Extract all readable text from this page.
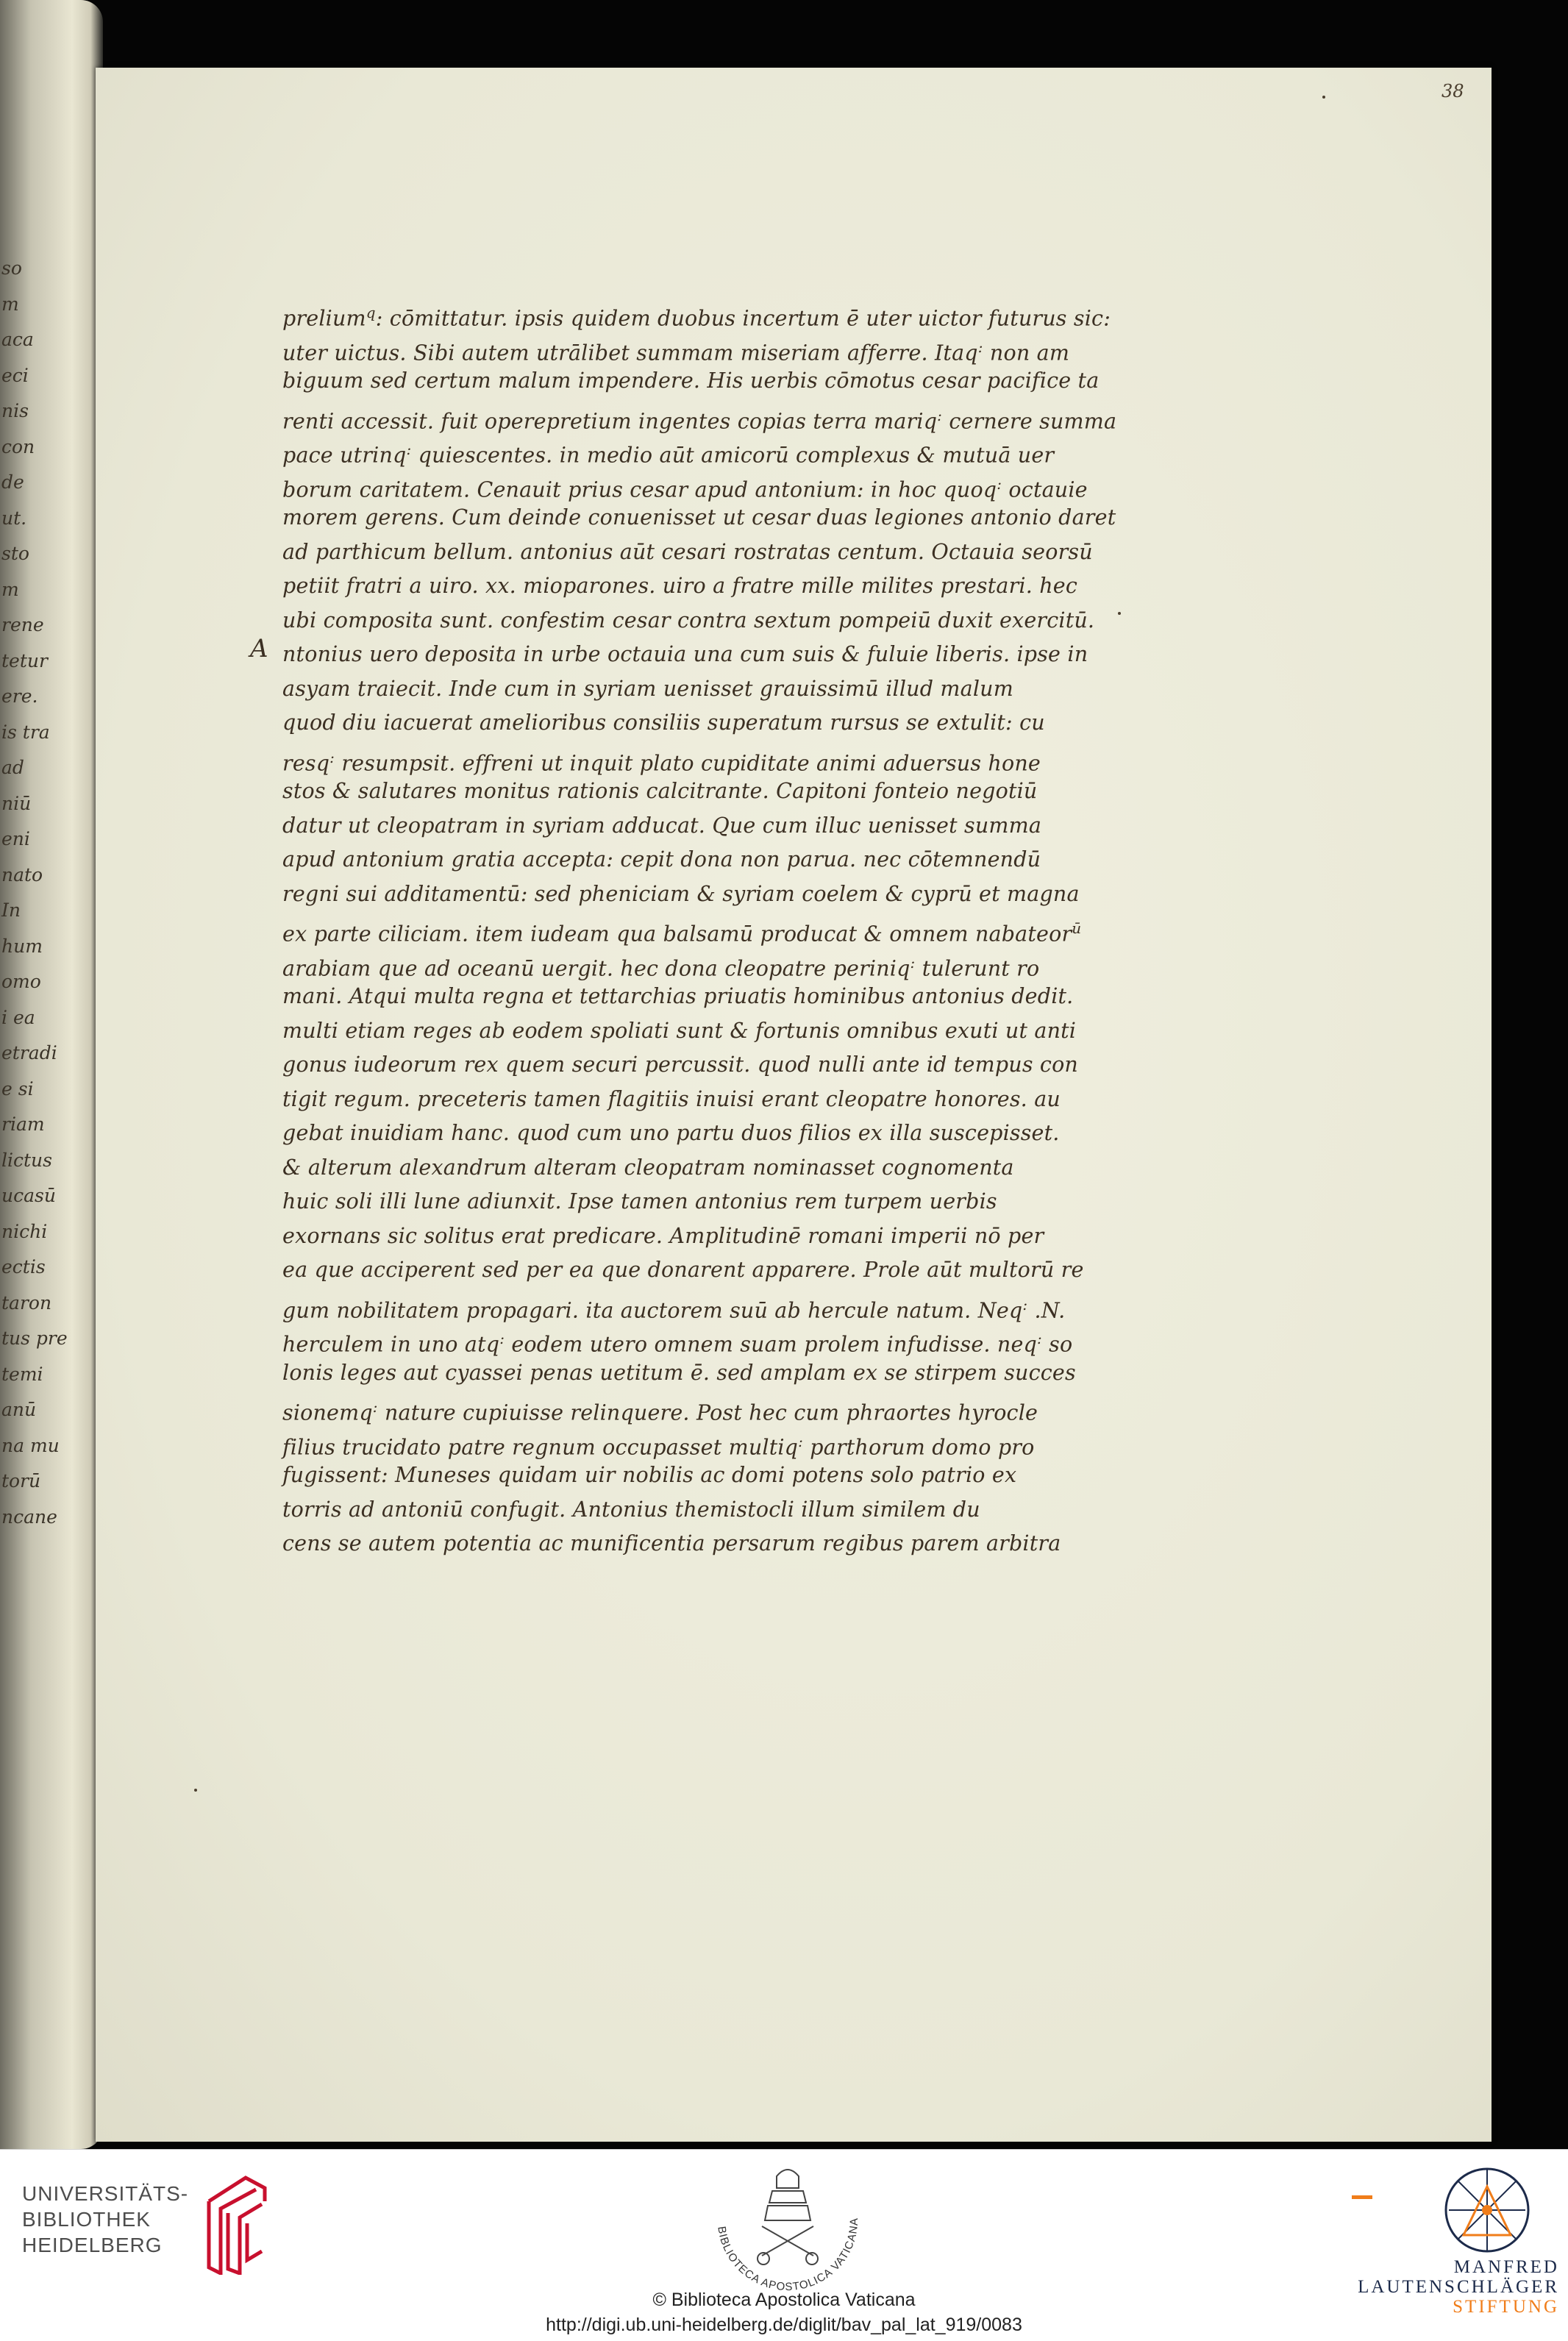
so
m
aca
eci
nis
con
de
ut.
sto
m
rene
tetur
ere.
is tra
ad
niū
eni
nato
In
hum
omo
i ea
etradi
e si
riam
lictus
ucasū
nichi
ectis
taron
tus pre
temi
anū
na mu
torū
ncane
38
A
prelium$^q$: cōmittatur. ipsis quidem duobus incertum ē̄ uter uictor futurus sic:
uter uictus. Sibi autem utrālibet summam miseriam afferre. Itaq: non am
biguum sed certum malum impendere. His uerbis cōmotus cesar pacifice ta
renti accessit. fuit operepretium ingentes copias terra mariq: cernere summa
pace utrinq: quiescentes. in medio aūt amicorū complexus & mutuā uer
borum caritatem. Cenauit prius cesar apud antonium: in hoc quoq: octauie
morem gerens. Cum deinde conuenisset ut cesar duas legiones antonio daret
ad parthicum bellum. antonius aūt cesari rostratas centum. Octauia seorsū
petiit fratri a uiro. xx. mioparones. uiro a fratre mille milites prestari. hec
ubi composita sunt. confestim cesar contra sextum pompeiū duxit exercitū.
ntonius uero deposita in urbe octauia una cum suis & fuluie liberis. ipse in
asyam traiecit. Inde cum in syriam uenisset grauissimū illud malum
quod diu iacuerat amelioribus consiliis superatum rursus se extulit: cu
resq: resumpsit. effreni ut inquit plato cupiditate animi aduersus hone
stos & salutares monitus rationis calcitrante. Capitoni fonteio negotiū
datur ut cleopatram in syriam adducat. Que cum illuc uenisset summa
apud antonium gratia accepta: cepit dona non parua. nec cōtemnendū
regni sui additamentū: sed pheniciam & syriam coelem & cyprū et magna
ex parte ciliciam. item iudeam qua balsamū producat & omnem nabateor$^ū$
arabiam que ad oceanū uergit. hec dona cleopatre periniq: tulerunt ro
mani. Atqui multa regna et tettarchias priuatis hominibus antonius dedit.
multi etiam reges ab eodem spoliati sunt & fortunis omnibus exuti ut anti
gonus iudeorum rex quem securi percussit. quod nulli ante id tempus con
tigit regum. preceteris tamen flagitiis inuisi erant cleopatre honores. au
gebat inuidiam hanc. quod cum uno partu duos filios ex illa suscepisset.
& alterum alexandrum alteram cleopatram nominasset cognomenta
huic soli illi lune adiunxit. Ipse tamen antonius rem turpem uerbis
exornans sic solitus erat predicare. Amplitudinē romani imperii nō per
ea que acciperent sed per ea que donarent apparere. Prole aūt multorū re
gum nobilitatem propagari. ita auctorem suū ab hercule natum. Neq: .N.
herculem in uno atq: eodem utero omnem suam prolem infudisse. neq: so
lonis leges aut cyassei penas uetitum ē̄. sed amplam ex se stirpem succes
sionemq: nature cupiuisse relinquere. Post hec cum phraortes hyrocle
filius trucidato patre regnum occupasset multiq: parthorum domo pro
fugissent: Muneses quidam uir nobilis ac domi potens solo patrio ex
torris ad antoniū confugit. Antonius themistocli illum similem du
cens se autem potentia ac munificentia persarum regibus parem arbitra
UNIVERSITÄTS-
BIBLIOTHEK
HEIDELBERG
BIBLIOTECA APOSTOLICA VATICANA
© Biblioteca Apostolica Vaticana
http://digi.ub.uni-heidelberg.de/diglit/bav_pal_lat_919/0083
MANFRED
LAUTENSCHLÄGER
STIFTUNG
